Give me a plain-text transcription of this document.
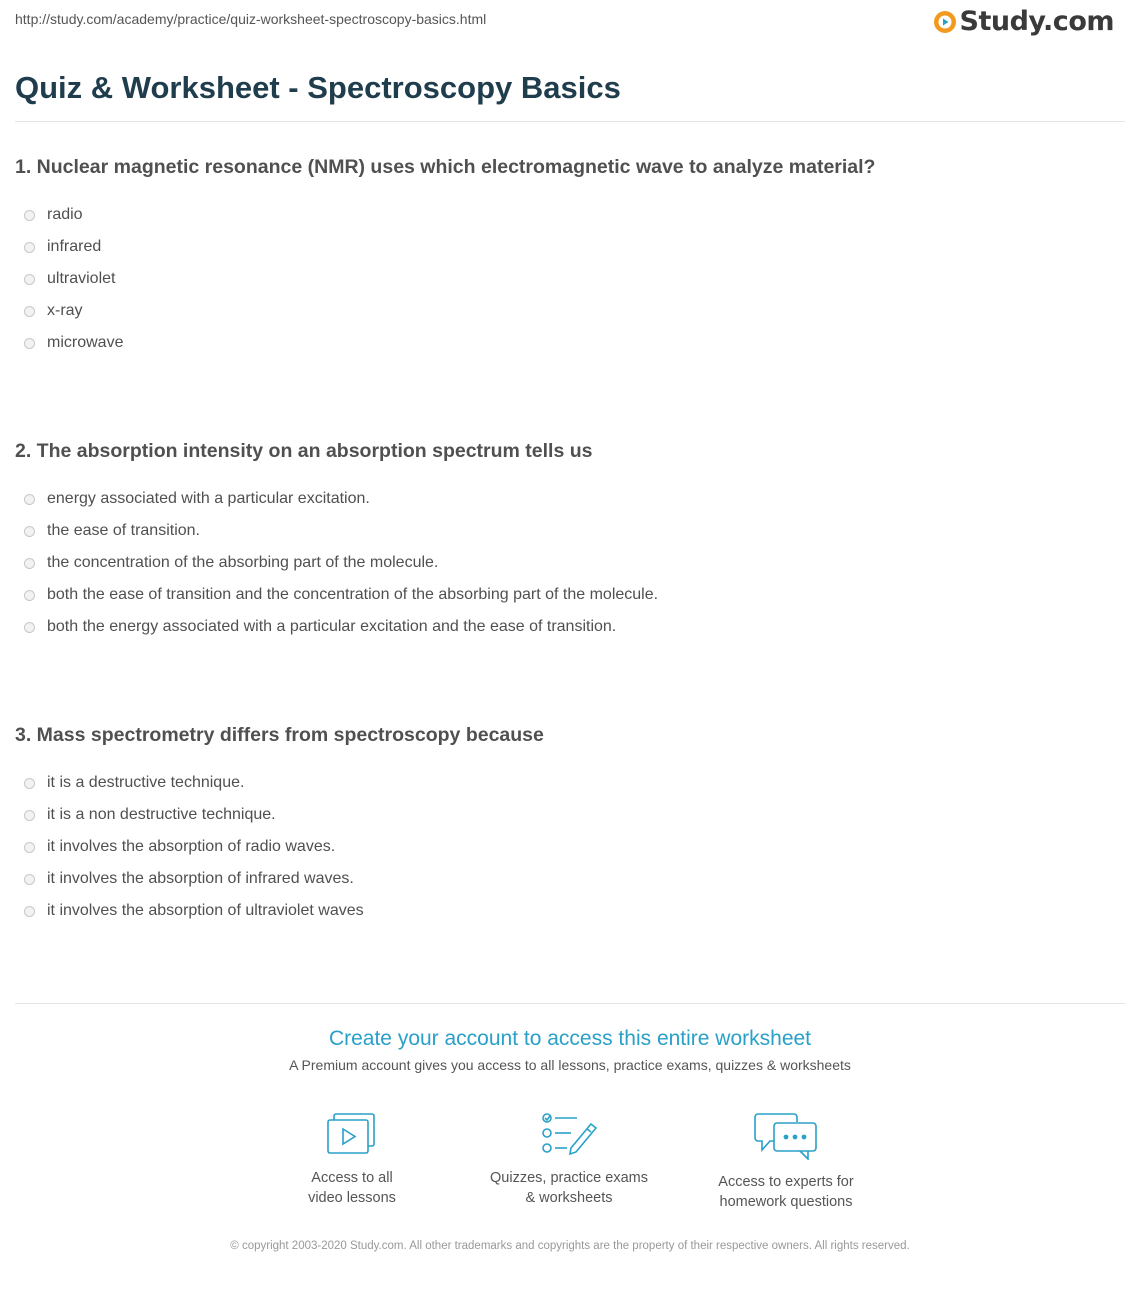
http://study.com/academy/practice/quiz-worksheet-spectroscopy-basics.html	Study.com
Quiz & Worksheet - Spectroscopy Basics
1. Nuclear magnetic resonance (NMR) uses which electromagnetic wave to analyze material?
radio
infrared
ultraviolet
x-ray
microwave
2. The absorption intensity on an absorption spectrum tells us
energy associated with a particular excitation.
the ease of transition.
the concentration of the absorbing part of the molecule.
both the ease of transition and the concentration of the absorbing part of the molecule.
both the energy associated with a particular excitation and the ease of transition.
3. Mass spectrometry differs from spectroscopy because
it is a destructive technique.
it is a non destructive technique.
it involves the absorption of radio waves.
it involves the absorption of infrared waves.
it involves the absorption of ultraviolet waves
Create your account to access this entire worksheet
A Premium account gives you access to all lessons, practice exams, quizzes & worksheets
Access to all
video lessons
Quizzes, practice exams
& worksheets
Access to experts for
homework questions
© copyright 2003-2020 Study.com. All other trademarks and copyrights are the property of their respective owners. All rights reserved.
